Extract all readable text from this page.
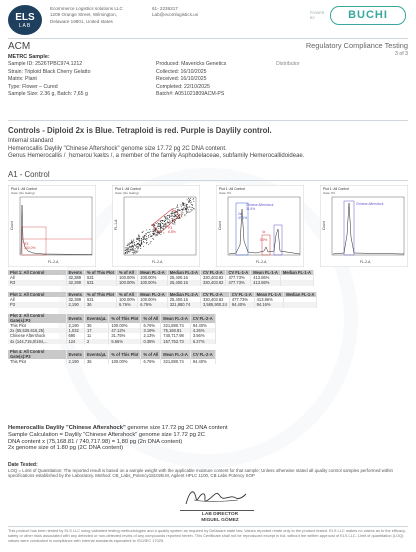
ELS
LAB
Ecommerce Logistics solutions LLC
1209 Orange Street, Wilmington,
Delaware 19801, United states
61- 2236317
Lab@ecomlogistics.us	POWER
BY	BUCHI
ACM	Regulatory Compliance Testing
3 of 3
METRC Sample:
Sample ID: 2526TPBC974.1212
Strain: Triploid Black Cherry Gelatto
Matrix: Plant
Type: Flower – Cured
Sample Size: 2.36 g, Batch: 7,65 g
Produced: Mavericks Genetics
Collected: 16/10/2025
Received: 16/10/2025
Completed: 22/10/2025
Batch#: A051021809ACM-PS
Distributor
Controls - Diploid 2x is Blue. Tetraploid is red. Purple is Daylily control.
Internal standard
Hemerocallis Daylily "Chinese Aftershock" genome size 17.72 pg 2C DNA content.
Genus Hemerocallis / ˌhɛməroʊˈkælɪs /, a member of the family Asphodelaceae, subfamily Hemerocallidoideae.
A1 - Control
Plot 1: All Control
Gate: (No Gating)
R3
100.0%
FL-2-A
Count
Plot 1: All Control
Gate: (No Gating)
P3
6.8%
FL-2-A
FL-1-A
Plot 1: All Control
Gate: P3
Chinese Aftershock
31.5%
2x
4x
47.1%
5.9%
FL-2-A
Count
Plot 1: All Control
Gate: P3
Chinese Aftershock
FL-2-A
Count
Plot 1: All Control	Events	% of This Plot	% of All	Mean FL-2-A	Median FL-2-A	CV FL-2-A	CV FL-1-A	Mean FL-1-A	Median FL-1-A
All	32,389	531	100.00%	100.00%	25,400.16	330,403.82	477.73%	413.86%	
R3	32,389	531	100.00%	100.00%	25,400.16	330,403.82	477.73%	413.86%	
Plot 1: All Control	Events	% of This Plot	% of All	Mean FL-2-A	Median FL-2-A	CV FL-2-A	CV FL-1-A	Mean FL-1-A	Median FL-1-A
All	32,389	531	100.00%	100.00%	25,400.16	330,403.82	477.73%	413.86%	
P3	2,190	36	6.76%	6.76%	321,880.74	3,585,900.24	94.40%	94.16%	
Plot 3: All Control Gate(s):P3	Events	Events/µL	% of This Plot	% of All	Mean FL-2-A	CV FL-2-A
This Plot	2,190	36	100.00%	6.76%	321,880.74	94.40%
2x (65,536.616,25)	1,032	17	47.12%	3.19%	75,168.81	4.26%
Chinese Aftershock	690	11	31.75%	2.13%	740,717.98	3.56%
4x (144,715,0/194,...	124	2	5.66%	0.38%	157,752.73	6.27%
Plot 4: All Control Gate(s):P3	Events	Events/µL	% of This Plot	% of All	Mean FL-2-A	CV FL-2-A
This Plot	2,190	36	100.00%	6.76%	321,880.74	94.40%
Hemerocallis Daylily "Chinese Aftershock" genome size 17.72 pg 2C DNA content
Sample Calculation = Daylily "Chinese Aftershock" genome size 17.72 pg 2C
DNA content x (75,168.81 / 740,717.98) = 1,80 pg (2n DNA content)
2x genome size of 1.80 pg (2C DNA content)
Date Tested:
LOQ = Limit of Quantitation; The reported result is based on a sample weight with the applicable moisture content for that sample; Unless otherwise stated all quality control samples performed within specifications established by the Laboratory. Method: CB_Labs_Potency18102B.M, Agilent HPLC 1100, CB Labs Potency SOP
LAB DIRECTOR
MIGUEL GÓMEZ
This product has been tested by ELS LLC using validated testing methodologies and a quality system as required by Delaware state law. Values reported relate only to the product tested. ELS LLC makes no claims as to the efficacy, safety or other risks associated with any detected or non-detected levels of any compounds reported herein. This Certificate shall not be reproduced except in full, without the written approval of ELS LLC. Limit of quantitation (LOQ) values were conducted in compliance with internal standards equivalent to ISO/IEC 17025.
